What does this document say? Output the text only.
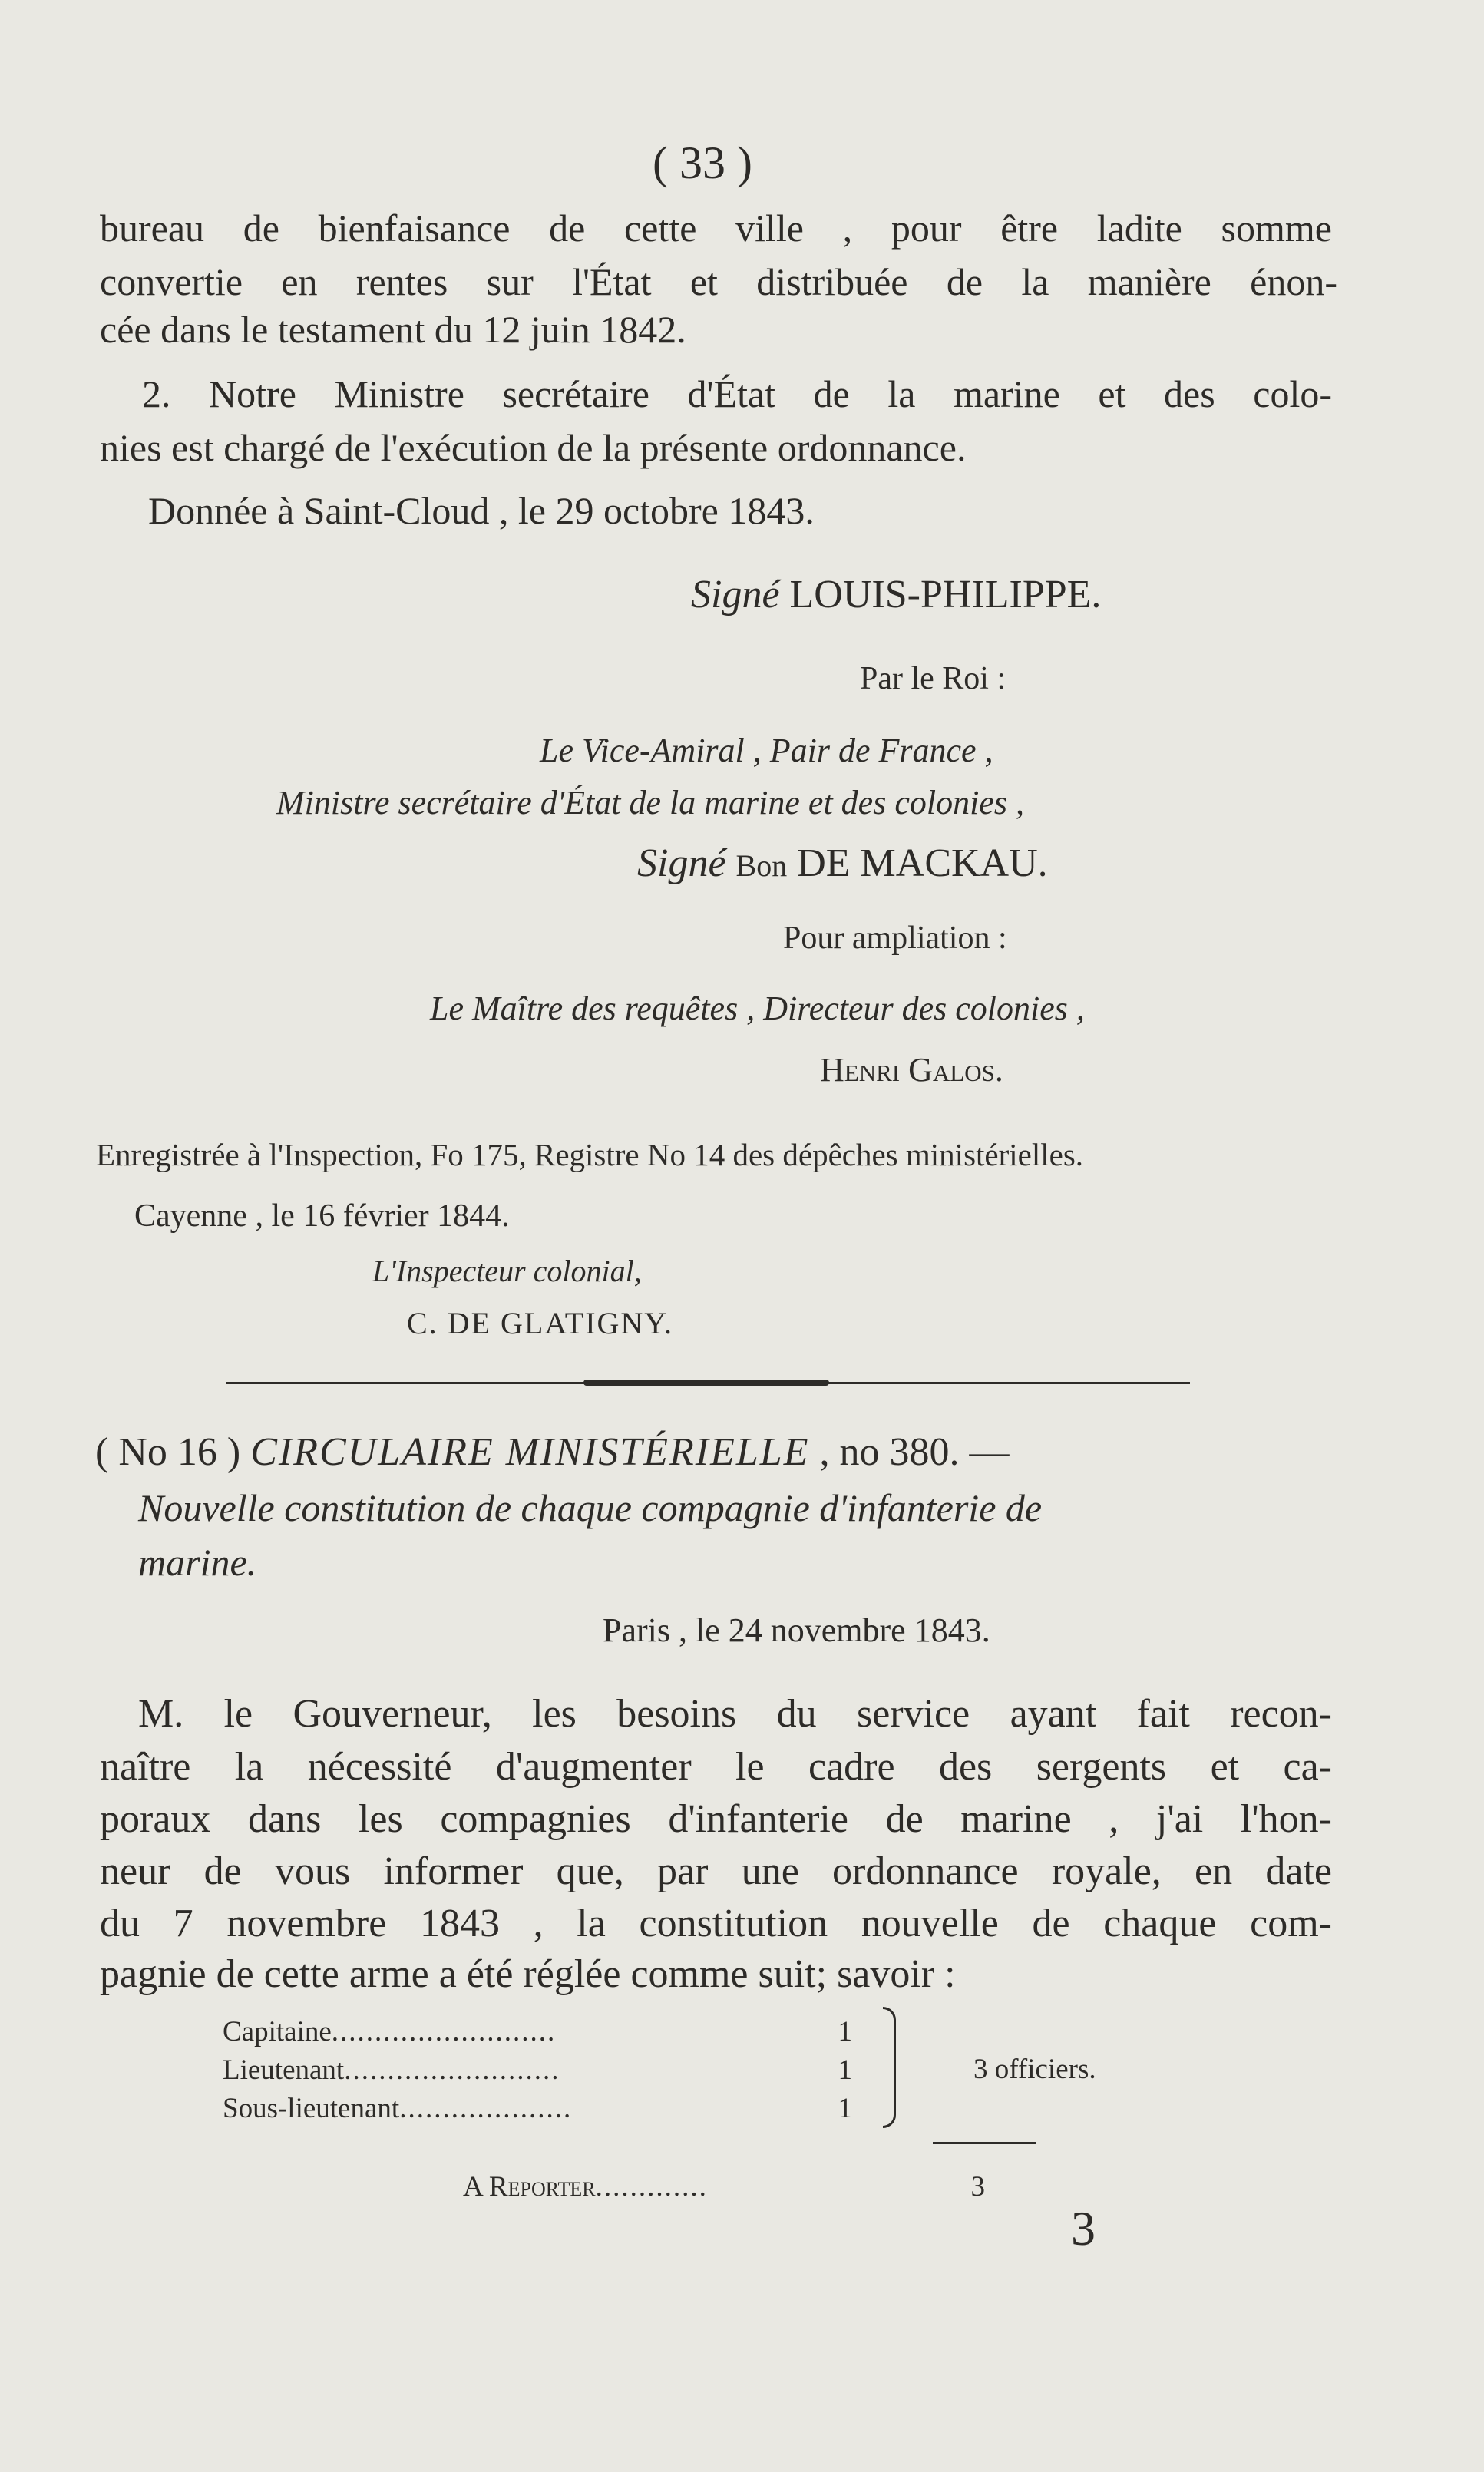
( 33 )
bureau de bienfaisance de cette ville , pour être ladite somme
convertie en rentes sur l'État et distribuée de la manière énon-
cée dans le testament du 12 juin 1842.
2. Notre Ministre secrétaire d'État de la marine et des colo-
nies est chargé de l'exécution de la présente ordonnance.
Donnée à Saint-Cloud , le 29 octobre 1843.
Signé LOUIS-PHILIPPE.
Par le Roi :
Le Vice-Amiral , Pair de France ,
Ministre secrétaire d'État de la marine et des colonies ,
Signé Bon DE MACKAU.
Pour ampliation :
Le Maître des requêtes , Directeur des colonies ,
Henri Galos.
Enregistrée à l'Inspection, Fo 175, Registre No 14 des dépêches ministérielles.
Cayenne , le 16 février 1844.
L'Inspecteur colonial,
C. DE GLATIGNY.
( No 16 ) CIRCULAIRE MINISTÉRIELLE , no 380. —
Nouvelle constitution de chaque compagnie d'infanterie de
marine.
Paris , le 24 novembre 1843.
M. le Gouverneur, les besoins du service ayant fait recon-
naître la nécessité d'augmenter le cadre des sergents et ca-
poraux dans les compagnies d'infanterie de marine , j'ai l'hon-
neur de vous informer que, par une ordonnance royale, en date
du 7 novembre 1843 , la constitution nouvelle de chaque com-
pagnie de cette arme a été réglée comme suit; savoir :
Capitaine..........................	1
Lieutenant.........................	1
Sous-lieutenant....................	1
3 officiers.
A Reporter.............	3
3
